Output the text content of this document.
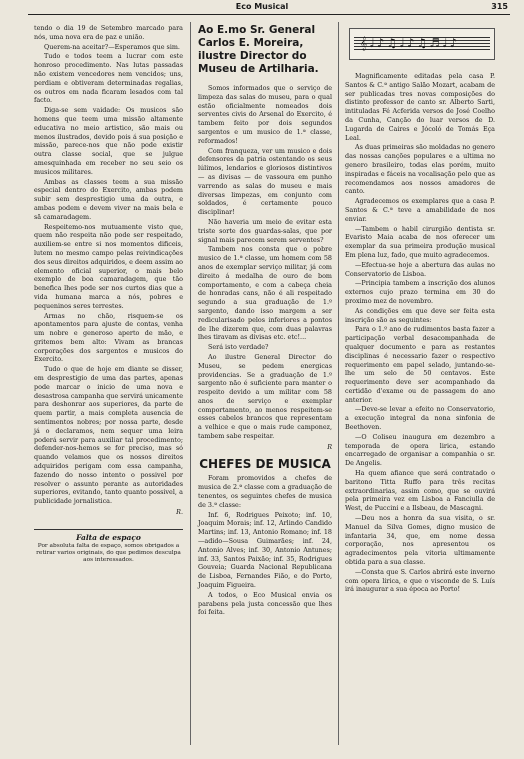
Eco Musical	315

tendo o dia 19 de Setembro marcado para nós, uma nova era de paz e união.

Querem-na aceitar?—Esperamos que sim.

Tudo e todos teem a lucrar com este honroso procedimento. Nas lutas passadas não existem vencedores nem vencidos; uns, perdiam e obtiveram determinadas regalias, os outros em nada ficaram lesados com tal facto.

Diga-se sem vaidade: Os musicos são homens que teem uma missão altamente educativa no meio artistico, são mais ou menos ilustrados, devido pois á sua posição e missão, parece-nos que não pode existir outra classe social, que se julgue amesquinhada em receber no seu seio os musicos militares.

Ambas as classes teem a sua missão especial dentro do Exercito, ambas podem subir sem desprestigio uma da outra, e ambas podem e devem viver na mais bela e sã camaradagem.

Respeitemo-nos mutuamente visto que, quem não respeita não pode ser respeitado, auxiliem-se entre si nos momentos dificeis, lutem no mesmo campo pelas reivindicações dos seus direitos adquiridos, e deem assim ao elemento oficial superior, o mais belo exemplo de boa camaradagem, que tão benefica lhes pode ser nos curtos dias que a vida humana marca a nós, pobres e pequeninos seres terrestes.

Armas no chão, risquem-se os apontamentos para ajuste de contas, venha um nobre e generoso aperto de mão, e gritemos bem alto: Vivam as brancas corporações dos sargentos e musicos do Exercito.

Tudo o que de hoje em diante se disser, em desprestigio de uma das partes, apenas pode marcar o inicio de uma nova e desastrosa campanha que servirá unicamente para deshonrar aos superiores, da parte de quem partir, a mais completa ausencia de sentimentos nobres; por nossa parte, desde já o declaramos, nem sequer uma leira poderá servir para auxiliar tal procedimento; defender-nos-hemos se for preciso, mas só quando velamos que os nossos direitos adquiridos perigam com essa campanha, fazendo do nosso intento o possivel por resolver o assunto perante as autoridades superiores, evitando, tanto quanto possivel, a publicidade jornalistica.

R.

Falta de espaço

Por absoluta falta de espaço, somos obrigados a retirar varios originais, do que pedimos desculpa aos interessados.

Ao E.mo Sr. General Carlos E. Moreira, ilustre Director do Museu de Artilharia.

Somos informados que o serviço de limpeza das salas do museu, para o qual estão oficialmente nomeados dois serventes civis do Arsenal do Exercito, é tambem feito por dois segundos sargentos e um musico de 1.ª classe, reformados!

Com franqueza, ver um musico e dois defensores da patria ostentando os seus lúlimos, lendarios e gloriosos distintivos — as divisas — de vassoura em punho varrendo as salas do museu e mais diversas limpezas, em conjunto com soldados, é certamente pouco disciplinar!

Não haveria um meio de evitar esta triste sorte dos guardas-salas, que por signal mais parecem serem serventes?

Tambem nos consta que o pobre musico de 1.ª classe, um homem com 58 anos de exemplar serviço militar, já com direito á medalha de ouro de bom comportamento, e com a cabeça cheia de honradas cans, não é ali respeitado segundo a sua graduação de 1.º sargento, dando isso margem a ser redicularisado pelos inferiores a pontos de lhe dizerem que, com duas palavras lhes tiravam as divisas etc. etc!...

Será isto verdade?

Ao ilustre General Director do Museu, se pedem energicas providencias. Se a graduação de 1.º sargento não é suficiente para manter o respeito devido a um militar com 58 anos de serviço e exemplar comportamento, ao menos respeitem-se esses cabelos brancos que representam a velhice e que o mais rude camponez, tambem sabe respeitar.

R

CHEFES DE MUSICA

Foram promovidos a chefes de musica de 2.ª classe com a graduação de tenentes, os seguintes chefes de musica de 3.ª classe:

Inf. 6, Rodrigues Peixoto; inf. 10, Joaquim Morais; inf. 12, Arlindo Candido Martins; inf. 13, Antonio Romano; inf. 18 —adido—Sousa Guimarães; inf. 24, Antonio Alves; inf. 30, Antonio Antunes; inf. 33, Santos Paixão; inf. 35, Rodrigues Gouveia; Guarda Nacional Republicana de Lisboa, Fernandes Fião, e do Porto, Joaquim Figueira.

A todos, o Eco Musical envia os parabens pela justa concessão que lhes foi feita.

𝄞♩♪♫♩♪♫♬♩♪

Magnificamente editadas pela casa P. Santos & C.ª antigo Salão Mozart, acabam de ser publicadas tres novas composições do distinto professor de canto sr. Alberto Sarti, intituladas Fé Acferida versos de José Coelho da Cunha, Canção do luar versos de D. Lugarda de Caires e Jócoló de Tomás Eça Leal.

As duas primeiras são moldadas no genero das nossas canções populares e a ultima no genero brasileiro, todas elas porém, muito inspiradas e fáceis na vocalisação pelo que as recomendamos aos nossos amadores de canto.

Agradecemos os exemplares que a casa P. Santos & C.ª teve a amabilidade de nos enviar.

—Tambem o habil cirurgião dentista sr. Evaristo Maia acaba de nos oferecer um exemplar da sua primeira produção musical Em plena luz, fado, que muito agradecemos.

—Efectua-se hoje a abertura das aulas no Conservatorio de Lisboa.

—Principia tambem a inscrição dos alunos externos cujo prazo termina em 30 do proximo mez de novembro.

As condições em que deve ser feita esta inscrição são as seguintes:

Para o 1.º ano de rudimentos basta fazer a participação verbal desacompanhada de qualquer documento e para as restantes disciplinas é necessario fazer o respectivo requerimento em papel selado, juntando-se-lhe um selo de 50 centavos. Este requerimento deve ser acompanhado da certidão d'exame ou de passagem do ano anterior.

—Deve-se levar a efeito no Conservatorio, a execução integral da nona sinfonia de Beethoven.

—O Coliseu inaugura em dezembro a temporada de opera lirica, estando encarregado de organisar a companhia o sr. De Angelis.

Ha quem afiance que será contratado o baritono Titta Ruffo para três recitas extraordinarias, assim como, que se ouvirá pela primeira vez em Lisboa a Fanciulla de West, de Puccini e a Ilsbeau, de Mascagni.

—Deu nos a honra da sua visita, o sr. Manuel da Silva Gomes, digno musico de infantaria 34, que, em nome dessa corporação, nos apresentou os agradecimentos pela vitoria ultimamente obtida para a sua classe.

—Consta que S. Carlos abrirá este inverno com opera lirica, e que o visconde de S. Luís irá inaugurar a sua época ao Porto!
